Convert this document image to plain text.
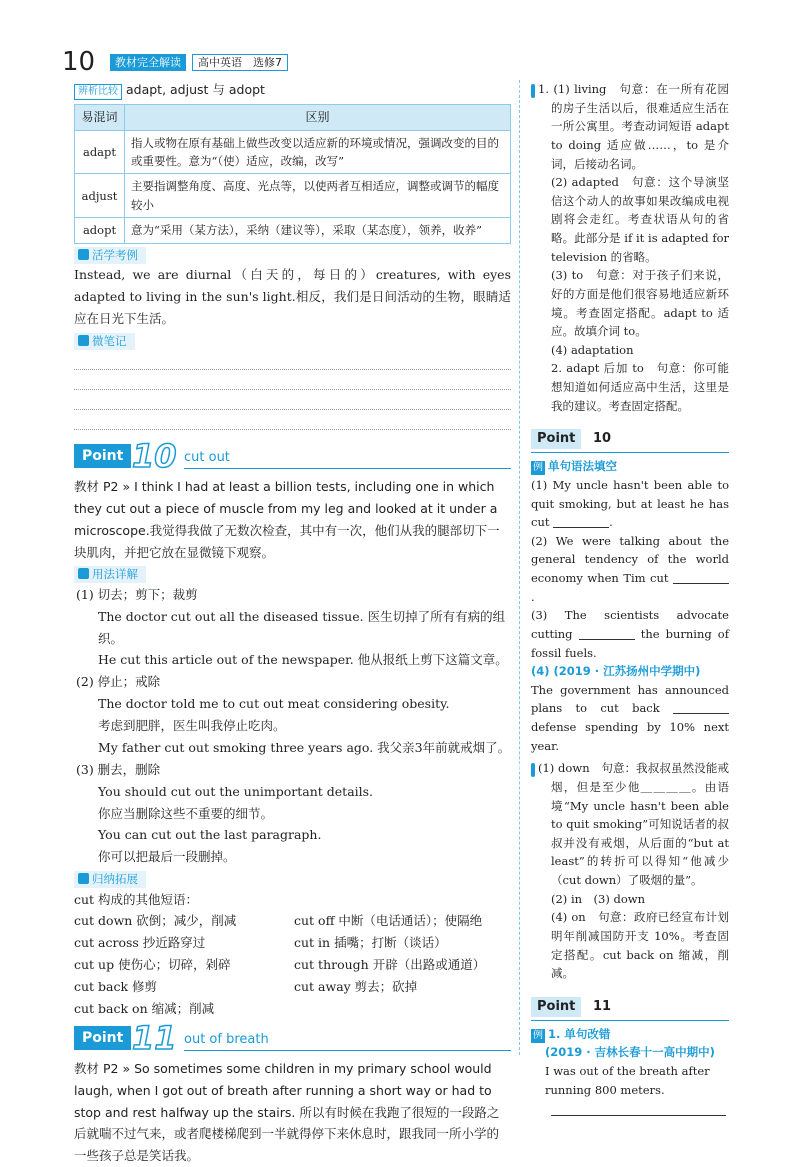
10	教材完全解读	高中英语　选修7
辨析比较 adapt, adjust 与 adopt
易混词	区别
adapt	指人或物在原有基础上做些改变以适应新的环境或情况，强调改变的目的或重要性。意为“（使）适应，改编，改写”
adjust	主要指调整角度、高度、光点等，以使两者互相适应，调整或调节的幅度较小
adopt	意为“采用（某方法），采纳（建议等），采取（某态度），领养，收养”
活学考例
Instead, we are diurnal（白天的，每日的）creatures, with eyes adapted to living in the sun's light.相反，我们是日间活动的生物，眼睛适应在日光下生活。
微笔记
Point 10 cut out
教材 P2 » I think I had at least a billion tests, including one in which they cut out a piece of muscle from my leg and looked at it under a microscope.我觉得我做了无数次检查，其中有一次，他们从我的腿部切下一块肌肉，并把它放在显微镜下观察。
用法详解
(1) 切去；剪下；裁剪
The doctor cut out all the diseased tissue. 医生切掉了所有有病的组织。
He cut this article out of the newspaper. 他从报纸上剪下这篇文章。
(2) 停止；戒除
The doctor told me to cut out meat considering obesity.
考虑到肥胖，医生叫我停止吃肉。
My father cut out smoking three years ago. 我父亲3年前就戒烟了。
(3) 删去，删除
You should cut out the unimportant details.
你应当删除这些不重要的细节。
You can cut out the last paragraph.
你可以把最后一段删掉。
归纳拓展
cut 构成的其他短语：
cut down 砍倒；减少，削减	cut off 中断（电话通话）；使隔绝
cut across 抄近路穿过	cut in 插嘴；打断（谈话）
cut up 使伤心；切碎，剁碎	cut through 开辟（出路或通道）
cut back 修剪	cut away 剪去；砍掉
cut back on 缩减；削减
Point 11 out of breath
教材 P2 » So sometimes some children in my primary school would laugh, when I got out of breath after running a short way or had to stop and rest halfway up the stairs. 所以有时候在我跑了很短的一段路之后就喘不过气来，或者爬楼梯爬到一半就得停下来休息时，跟我同一所小学的一些孩子总是笑话我。
答 1. (1) living　句意：在一所有花园的房子生活以后，很难适应生活在一所公寓里。考查动词短语 adapt to doing 适应做……，to 是介词，后接动名词。
(2) adapted　句意：这个导演坚信这个动人的故事如果改编成电视剧将会走红。考查状语从句的省略。此部分是 if it is adapted for television 的省略。
(3) to　句意：对于孩子们来说，好的方面是他们很容易地适应新环境。考查固定搭配。adapt to 适应。故填介词 to。
(4) adaptation
2. adapt 后加 to　句意：你可能想知道如何适应高中生活，这里是我的建议。考查固定搭配。
Point	10
例 单句语法填空
(1) My uncle hasn't been able to quit smoking, but at least he has cut	.
(2) We were talking about the general tendency of the world economy when Tim cut .
(3) The scientists advocate cutting	the burning of fossil fuels.
(4) (2019 · 江苏扬州中学期中)
The government has announced plans to cut back  defense spending by 10% next year.
答 (1) down　句意：我叔叔虽然没能戒烟，但是至少他＿＿＿＿。由语境“My uncle hasn't been able to quit smoking”可知说话者的叔叔并没有戒烟，从后面的“but at least”的转折可以得知“他减少（cut down）了吸烟的量”。
(2) in　(3) down
(4) on　句意：政府已经宣布计划明年削减国防开支 10%。考查固定搭配。cut back on 缩减，削减。
Point	11
例 1. 单句改错
(2019 · 吉林长春十一高中期中)
I was out of the breath after running 800 meters.
